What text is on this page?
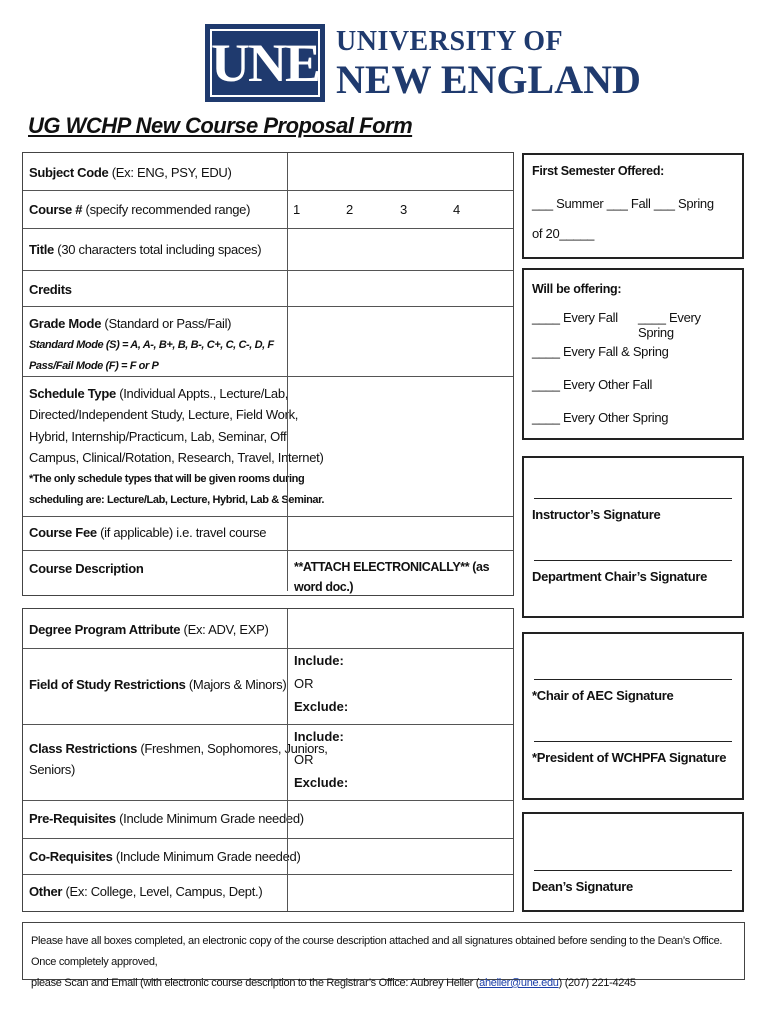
UNE UNIVERSITY OF
NEW ENGLAND
UG WCHP New Course Proposal Form
Subject Code (Ex: ENG, PSY, EDU)
Course # (specify recommended range)	1	2	3	4
Title (30 characters total including spaces)
Credits
Grade Mode (Standard or Pass/Fail)
Standard Mode (S) = A, A-, B+, B, B-, C+, C, C-, D, F
Pass/Fail Mode (F) = F or P
Schedule Type (Individual Appts., Lecture/Lab,
Directed/Independent Study, Lecture, Field Work,
Hybrid, Internship/Practicum, Lab, Seminar, Off
Campus, Clinical/Rotation, Research, Travel, Internet)
*The only schedule types that will be given rooms during
scheduling are: Lecture/Lab, Lecture, Hybrid, Lab & Seminar.
Course Fee (if applicable) i.e. travel course
Course Description	**ATTACH ELECTRONICALLY** (as word doc.)
Degree Program Attribute (Ex: ADV, EXP)
Field of Study Restrictions (Majors & Minors)
Include:
OR
Exclude:
Class Restrictions (Freshmen, Sophomores, Juniors,
Seniors)
Include:
OR
Exclude:
Pre-Requisites (Include Minimum Grade needed)
Co-Requisites (Include Minimum Grade needed)
Other (Ex: College, Level, Campus, Dept.)
First Semester Offered:
___ Summer ___ Fall ___ Spring
of 20_____
Will be offering:
____ Every Fall ____ Every Spring
____ Every Fall & Spring
____ Every Other Fall
____ Every Other Spring
Instructor’s Signature
Department Chair’s Signature
*Chair of AEC Signature
*President of WCHPFA Signature
Dean’s Signature
Please have all boxes completed, an electronic copy of the course description attached and all signatures obtained before sending to the Dean’s Office. Once completely approved,
please Scan and Email (with electronic course description to the Registrar’s Office: Aubrey Heller (aheller@une.edu) (207) 221-4245
